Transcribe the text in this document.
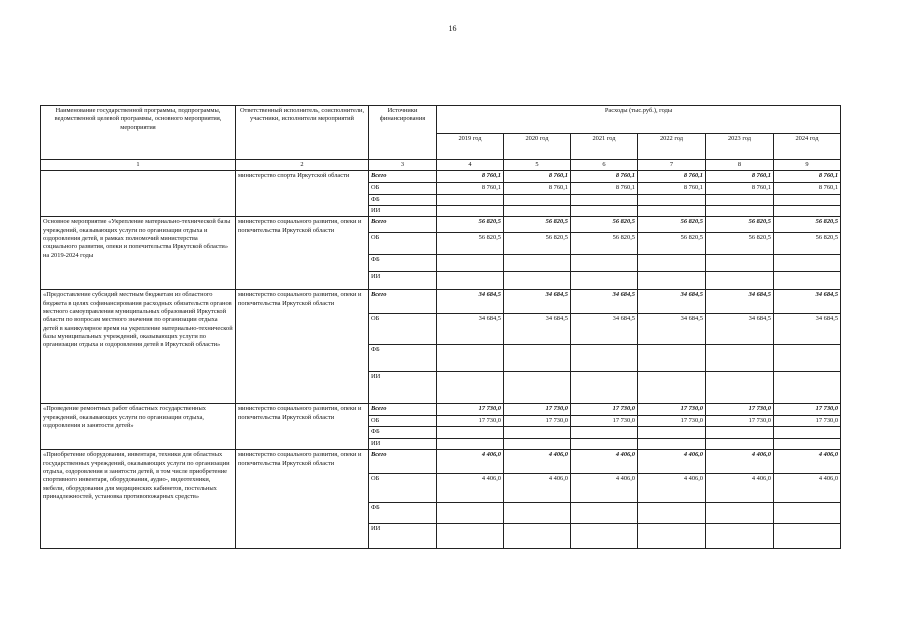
16
Наименование государственной программы, подпрограммы, ведомственной целевой программы, основного мероприятия, мероприятия	Ответственный исполнитель, соисполнители, участники, исполнители мероприятий	Источники финансирования	Расходы (тыс.руб.), годы					
			2019 год	2020 год	2021 год	2022 год	2023 год	2024 год
1	2	3	4	5	6	7	8	9
	министерство спорта Иркутской области	Всего	8 760,1	8 760,1	8 760,1	8 760,1	8 760,1	8 760,1
		ОБ	8 760,1	8 760,1	8 760,1	8 760,1	8 760,1	8 760,1
		ФБ						
		ИИ						
Основное мероприятие «Укрепление материально-технической базы учреждений, оказывающих услуги по организации отдыха и оздоровления детей, в рамках полномочий министерства социального развития, опеки и попечительства Иркутской области» на 2019-2024 годы	министерство социального развития, опеки и попечительства Иркутской области	Всего	56 820,5	56 820,5	56 820,5	56 820,5	56 820,5	56 820,5
		ОБ	56 820,5	56 820,5	56 820,5	56 820,5	56 820,5	56 820,5
		ФБ						
		ИИ						
«Предоставление субсидий местным бюджетам из областного бюджета в целях софинансирования расходных обязательств органов местного самоуправления муниципальных образований Иркутской области по вопросам местного значения по организации отдыха детей в каникулярное время на укрепление материально-технической базы муниципальных учреждений, оказывающих услуги по организации отдыха и оздоровления детей в Иркутской области»	министерство социального развития, опеки и попечительства Иркутской области	Всего	34 684,5	34 684,5	34 684,5	34 684,5	34 684,5	34 684,5
		ОБ	34 684,5	34 684,5	34 684,5	34 684,5	34 684,5	34 684,5
		ФБ						
		ИИ						
«Проведение ремонтных работ областных государственных учреждений, оказывающих услуги по организации отдыха, оздоровления и занятости детей»	министерство социального развития, опеки и попечительства Иркутской области	Всего	17 730,0	17 730,0	17 730,0	17 730,0	17 730,0	17 730,0
		ОБ	17 730,0	17 730,0	17 730,0	17 730,0	17 730,0	17 730,0
		ФБ						
		ИИ						
«Приобретение оборудования, инвентаря, техники для областных государственных учреждений, оказывающих услуги по организации отдыха, оздоровления и занятости детей, в том числе приобретение спортивного инвентаря, оборудования, аудио-, видеотехники, мебели, оборудования для медицинских кабинетов, постельных принадлежностей, установка противопожарных средств»	министерство социального развития, опеки и попечительства Иркутской области	Всего	4 406,0	4 406,0	4 406,0	4 406,0	4 406,0	4 406,0
		ОБ	4 406,0	4 406,0	4 406,0	4 406,0	4 406,0	4 406,0
		ФБ						
		ИИ						
